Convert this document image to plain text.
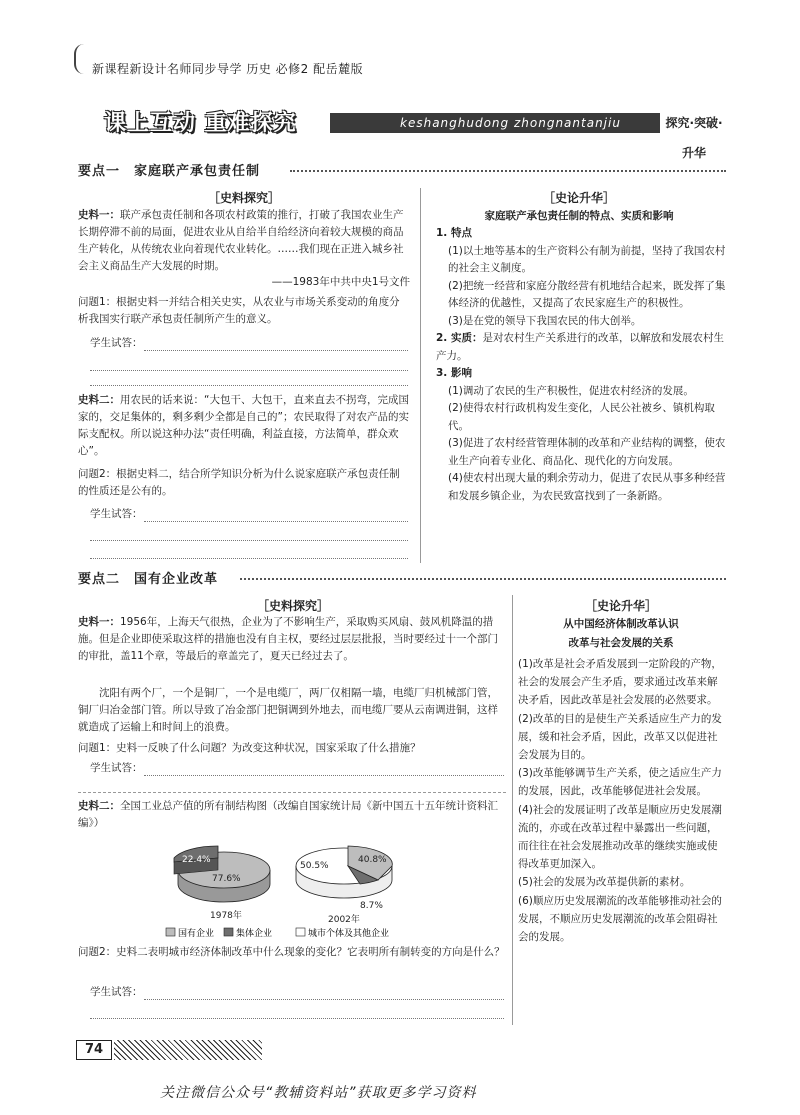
新课程新设计名师同步导学 历史 必修2 配岳麓版
课上互动 重难探究	keshanghudong zhongnantanjiu	探究·突破·升华
要点一　家庭联产承包责任制
［史料探究］
史料一：联产承包责任制和各项农村政策的推行，打破了我国农业生产长期停滞不前的局面，促进农业从自给半自给经济向着较大规模的商品生产转化，从传统农业向着现代农业转化。……我们现在正进入城乡社会主义商品生产大发展的时期。
——1983年中共中央1号文件
问题1：根据史料一并结合相关史实，从农业与市场关系变动的角度分析我国实行联产承包责任制所产生的意义。
学生试答：
史料二：用农民的话来说：“大包干、大包干，直来直去不拐弯，完成国家的，交足集体的，剩多剩少全都是自己的”；农民取得了对农产品的实际支配权。所以说这种办法“责任明确，利益直接，方法简单，群众欢心”。
问题2：根据史料二，结合所学知识分析为什么说家庭联产承包责任制的性质还是公有的。
学生试答：
［史论升华］
家庭联产承包责任制的特点、实质和影响
1. 特点
(1)以土地等基本的生产资料公有制为前提，坚持了我国农村的社会主义制度。
(2)把统一经营和家庭分散经营有机地结合起来，既发挥了集体经济的优越性，又提高了农民家庭生产的积极性。
(3)是在党的领导下我国农民的伟大创举。
2. 实质：是对农村生产关系进行的改革，以解放和发展农村生产力。
3. 影响
(1)调动了农民的生产积极性，促进农村经济的发展。
(2)使得农村行政机构发生变化，人民公社被乡、镇机构取代。
(3)促进了农村经营管理体制的改革和产业结构的调整，使农业生产向着专业化、商品化、现代化的方向发展。
(4)使农村出现大量的剩余劳动力，促进了农民从事多种经营和发展乡镇企业，为农民致富找到了一条新路。
要点二　国有企业改革
［史料探究］
史料一：1956年，上海天气很热，企业为了不影响生产，采取购买风扇、鼓风机降温的措施。但是企业即使采取这样的措施也没有自主权，要经过层层批报，当时要经过十一个部门的审批，盖11个章，等最后的章盖完了，夏天已经过去了。
沈阳有两个厂，一个是铜厂，一个是电缆厂，两厂仅相隔一墙，电缆厂归机械部门管，铜厂归冶金部门管。所以导致了冶金部门把铜调到外地去，而电缆厂要从云南调进铜，这样就造成了运输上和时间上的浪费。
问题1：史料一反映了什么问题？为改变这种状况，国家采取了什么措施？
学生试答：
史料二：全国工业总产值的所有制结构图（改编自国家统计局《新中国五十五年统计资料汇编》）
22.4%
77.6%
1978年
50.5%
40.8%
8.7%
2002年
国有企业 集体企业	城市个体及其他企业
问题2：史料二表明城市经济体制改革中什么现象的变化？它表明所有制转变的方向是什么？
学生试答：
［史论升华］
从中国经济体制改革认识
改革与社会发展的关系
(1)改革是社会矛盾发展到一定阶段的产物，社会的发展会产生矛盾，要求通过改革来解决矛盾，因此改革是社会发展的必然要求。
(2)改革的目的是使生产关系适应生产力的发展，缓和社会矛盾，因此，改革又以促进社会发展为目的。
(3)改革能够调节生产关系，使之适应生产力的发展，因此，改革能够促进社会发展。
(4)社会的发展证明了改革是顺应历史发展潮流的，亦或在改革过程中暴露出一些问题，而往往在社会发展推动改革的继续实施或使得改革更加深入。
(5)社会的发展为改革提供新的素材。
(6)顺应历史发展潮流的改革能够推动社会的发展，不顺应历史发展潮流的改革会阻碍社会的发展。
74
关注微信公众号“教辅资料站”获取更多学习资料
